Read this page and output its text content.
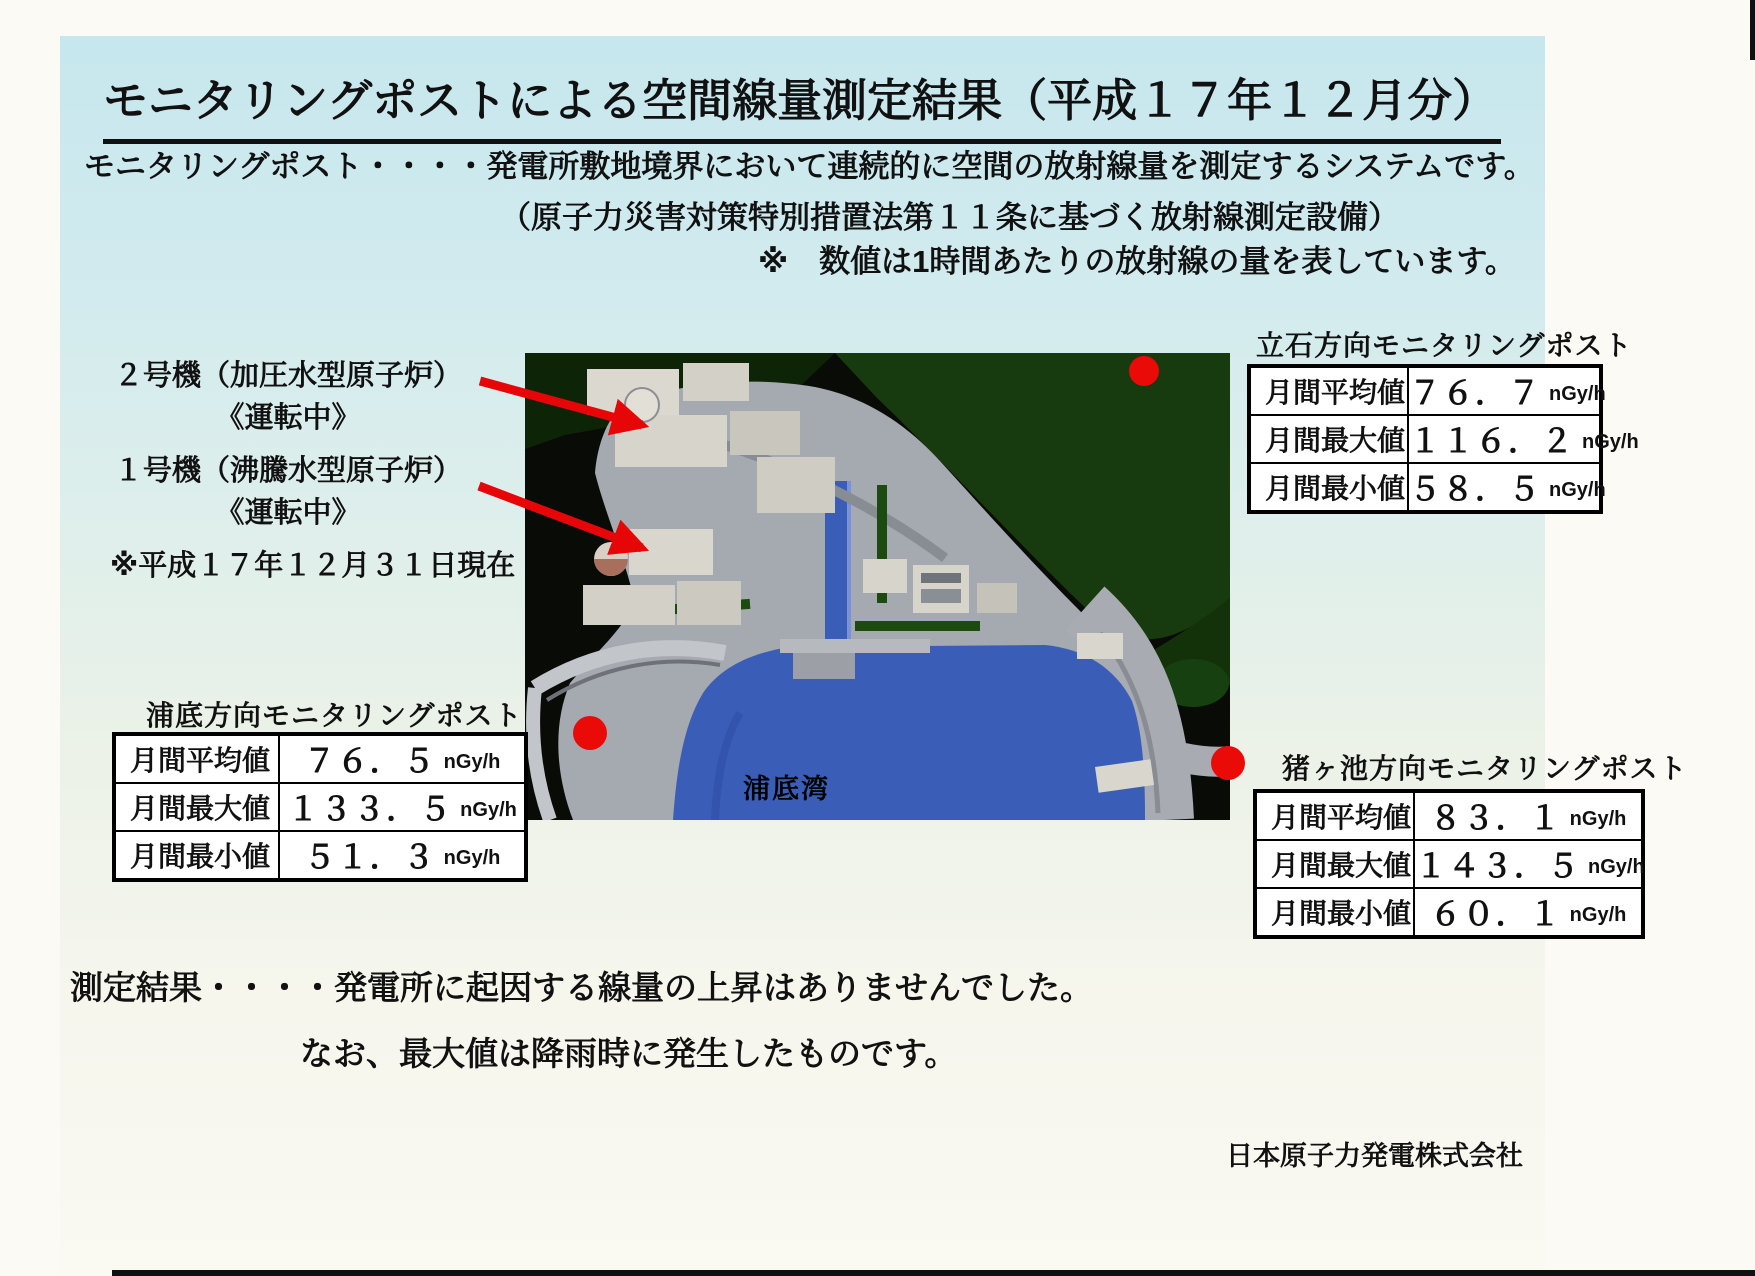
モニタリングポストによる空間線量測定結果（平成１７年１２月分）
モニタリングポスト・・・・発電所敷地境界において連続的に空間の放射線量を測定するシステムです。
（原子力災害対策特別措置法第１１条に基づく放射線測定設備）
※　数値は1時間あたりの放射線の量を表しています。
２号機（加圧水型原子炉）
《運転中》
１号機（沸騰水型原子炉）
《運転中》
※平成１７年１２月３１日現在
浦底湾
立石方向モニタリングポスト
月間平均値 ７６．７ nGy/h
月間最大値 １１６．２ nGy/h
月間最小値 ５８．５ nGy/h
浦底方向モニタリングポスト
月間平均値	７６．５ nGy/h
月間最大値 １３３．５ nGy/h
月間最小値	５１．３ nGy/h
猪ヶ池方向モニタリングポスト
月間平均値 ８３．１ nGy/h
月間最大値 １４３．５ nGy/h
月間最小値 ６０．１ nGy/h
測定結果・・・・発電所に起因する線量の上昇はありませんでした。
なお、最大値は降雨時に発生したものです。
日本原子力発電株式会社
